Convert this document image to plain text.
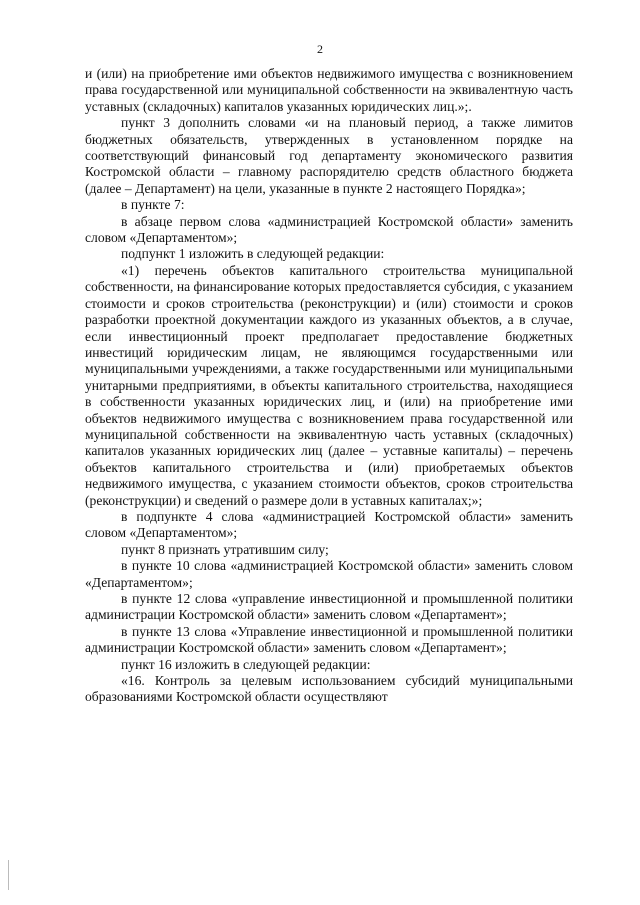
2

и (или) на приобретение ими объектов недвижимого имущества с возникновением права государственной или муниципальной собственности на эквивалентную часть уставных (складочных) капиталов указанных юридических лиц.»;.

пункт 3 дополнить словами «и на плановый период, а также лимитов бюджетных обязательств, утвержденных в установленном порядке на соответствующий финансовый год департаменту экономического развития Костромской области – главному распорядителю средств областного бюджета (далее – Департамент) на цели, указанные в пункте 2 настоящего Порядка»;

в пункте 7:

в абзаце первом слова «администрацией Костромской области» заменить словом «Департаментом»;

подпункт 1 изложить в следующей редакции:

«1) перечень объектов капитального строительства муниципальной собственности, на финансирование которых предоставляется субсидия, с указанием стоимости и сроков строительства (реконструкции) и (или) стоимости и сроков разработки проектной документации каждого из указанных объектов, а в случае, если инвестиционный проект предполагает предоставление бюджетных инвестиций юридическим лицам, не являющимся государственными или муниципальными учреждениями, а также государственными или муниципальными унитарными предприятиями, в объекты капитального строительства, находящиеся в собственности указанных юридических лиц, и (или) на приобретение ими объектов недвижимого имущества с возникновением права государственной или муниципальной собственности на эквивалентную часть уставных (складочных) капиталов указанных юридических лиц (далее – уставные капиталы) – перечень объектов капитального строительства и (или) приобретаемых объектов недвижимого имущества, с указанием стоимости объектов, сроков строительства (реконструкции) и сведений о размере доли в уставных капиталах;»;

в подпункте 4 слова «администрацией Костромской области» заменить словом «Департаментом»;

пункт 8 признать утратившим силу;

в пункте 10 слова «администрацией Костромской области» заменить словом «Департаментом»;

в пункте 12 слова «управление инвестиционной и промышленной политики администрации Костромской области» заменить словом «Департамент»;

в пункте 13 слова «Управление инвестиционной и промышленной политики администрации Костромской области» заменить словом «Департамент»;

пункт 16 изложить в следующей редакции:

«16. Контроль за целевым использованием субсидий муниципальными образованиями Костромской области осуществляют
